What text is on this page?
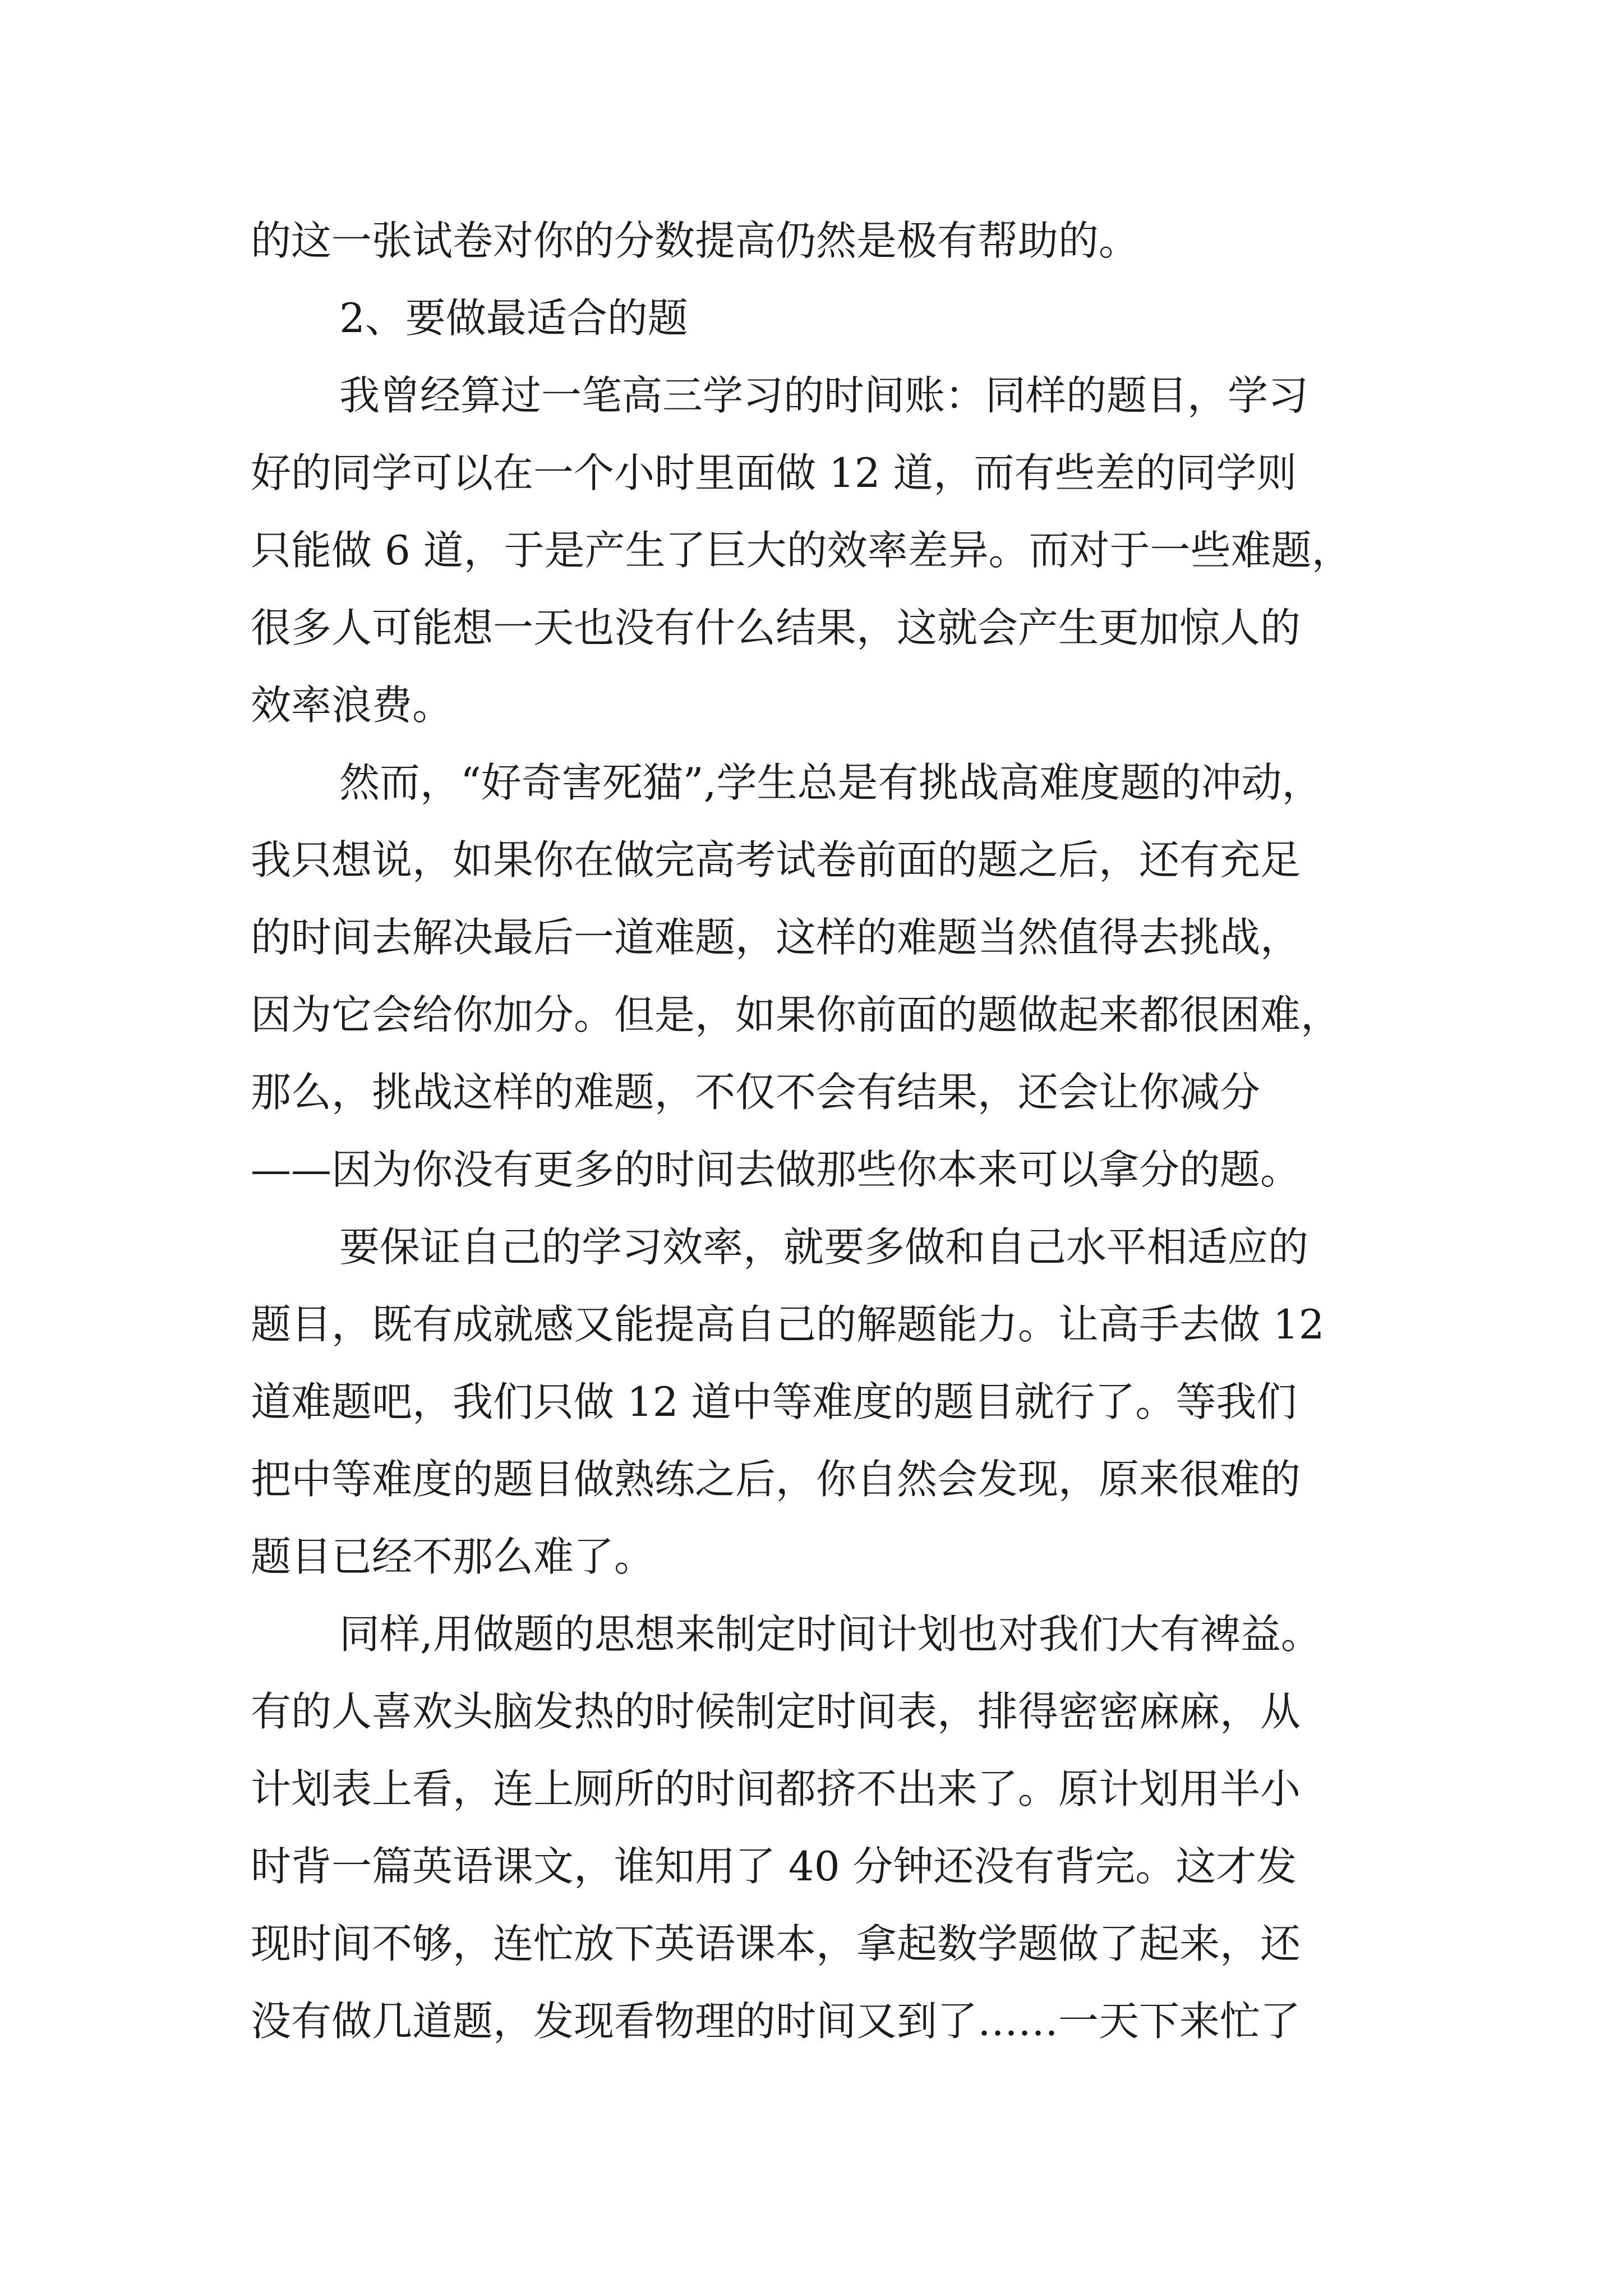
的这一张试卷对你的分数提高仍然是极有帮助的。
2、要做最适合的题
我曾经算过一笔高三学习的时间账：同样的题目，学习
好的同学可以在一个小时里面做 12 道，而有些差的同学则
只能做 6 道，于是产生了巨大的效率差异。而对于一些难题，
很多人可能想一天也没有什么结果，这就会产生更加惊人的
效率浪费。
然而，“好奇害死猫”,学生总是有挑战高难度题的冲动，
我只想说，如果你在做完高考试卷前面的题之后，还有充足
的时间去解决最后一道难题，这样的难题当然值得去挑战，
因为它会给你加分。但是，如果你前面的题做起来都很困难，
那么，挑战这样的难题，不仅不会有结果，还会让你减分
——因为你没有更多的时间去做那些你本来可以拿分的题。
要保证自己的学习效率，就要多做和自己水平相适应的
题目，既有成就感又能提高自己的解题能力。让高手去做 12
道难题吧，我们只做 12 道中等难度的题目就行了。等我们
把中等难度的题目做熟练之后，你自然会发现，原来很难的
题目已经不那么难了。
同样,用做题的思想来制定时间计划也对我们大有裨益。
有的人喜欢头脑发热的时候制定时间表，排得密密麻麻，从
计划表上看，连上厕所的时间都挤不出来了。原计划用半小
时背一篇英语课文，谁知用了 40 分钟还没有背完。这才发
现时间不够，连忙放下英语课本，拿起数学题做了起来，还
没有做几道题，发现看物理的时间又到了……一天下来忙了
